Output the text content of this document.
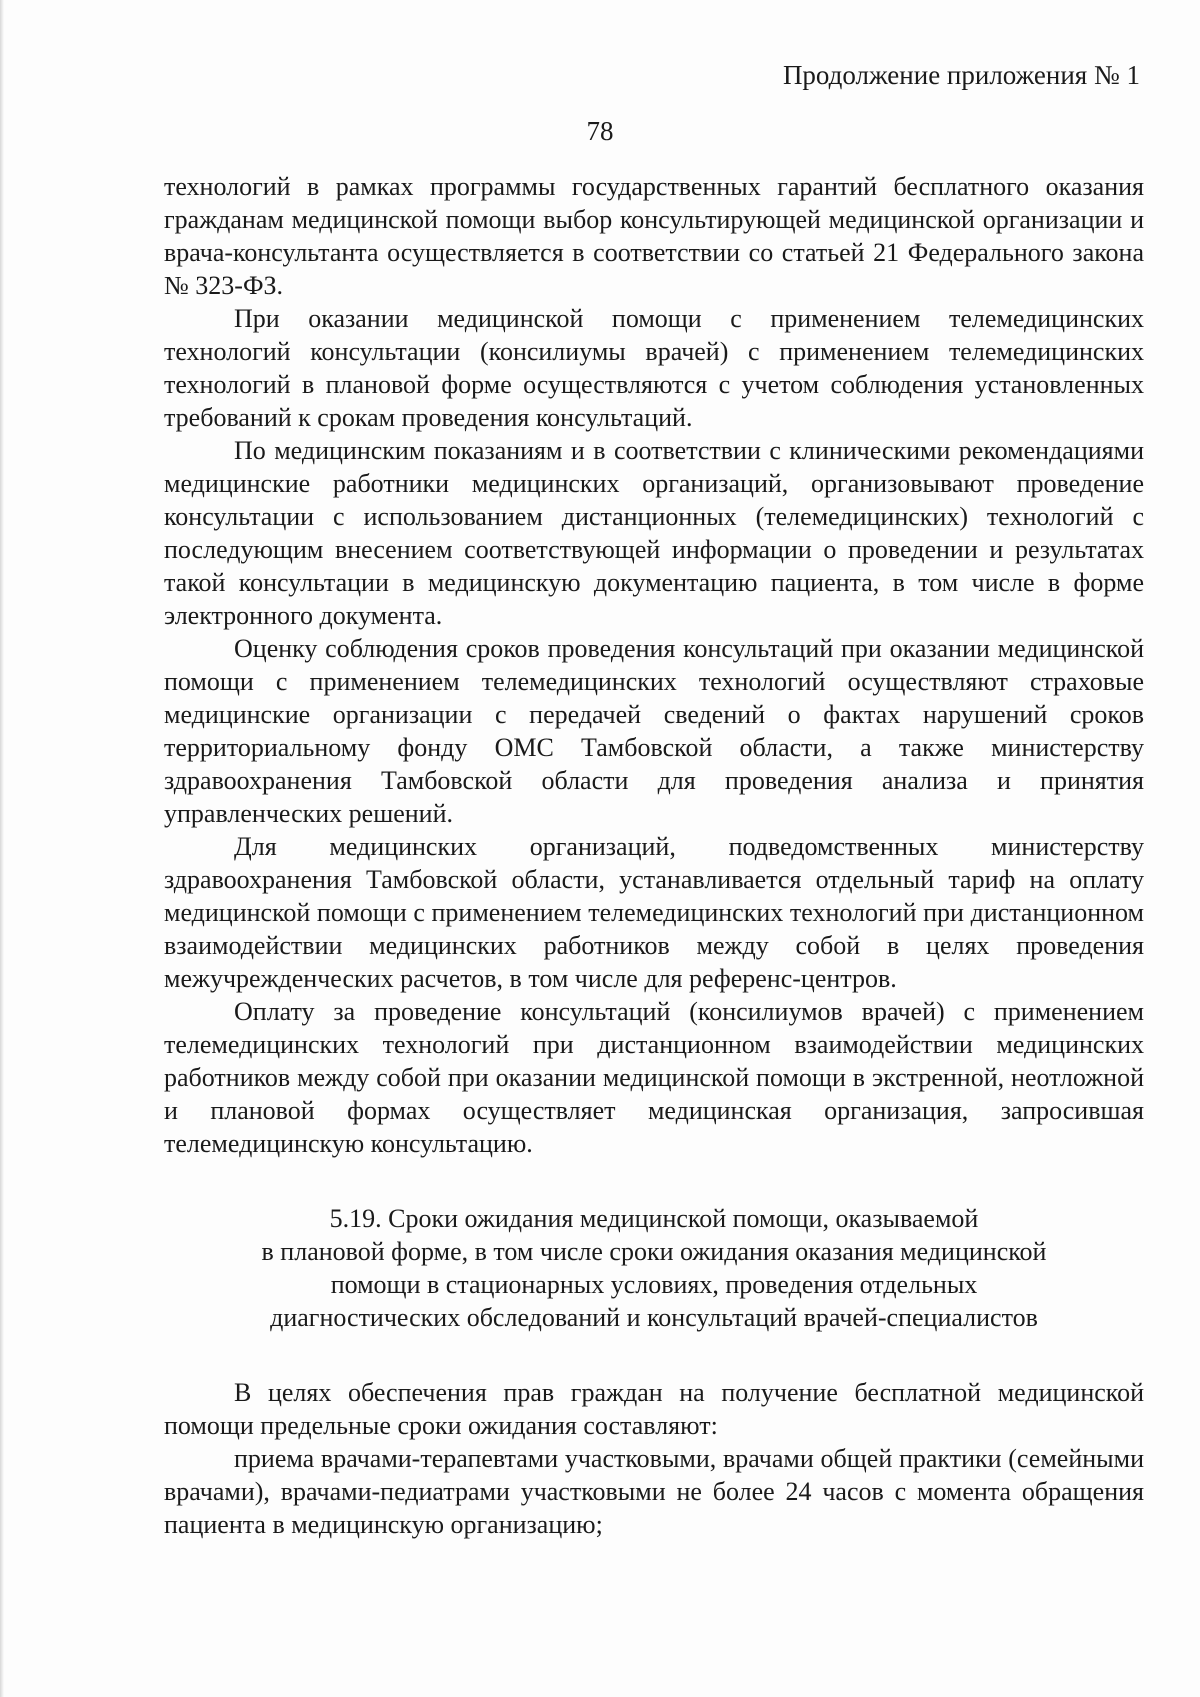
Продолжение приложения № 1

78

технологий в рамках программы государственных гарантий бесплатного оказания гражданам медицинской помощи выбор консультирующей медицинской организации и врача-консультанта осуществляется в соответствии со статьей 21 Федерального закона № 323-ФЗ.

При оказании медицинской помощи с применением телемедицинских технологий консультации (консилиумы врачей) с применением телемедицинских технологий в плановой форме осуществляются с учетом соблюдения установленных требований к срокам проведения консультаций.

По медицинским показаниям и в соответствии с клиническими рекомендациями медицинские работники медицинских организаций, организовывают проведение консультации с использованием дистанционных (телемедицинских) технологий с последующим внесением соответствующей информации о проведении и результатах такой консультации в медицинскую документацию пациента, в том числе в форме электронного документа.

Оценку соблюдения сроков проведения консультаций при оказании медицинской помощи с применением телемедицинских технологий осуществляют страховые медицинские организации с передачей сведений о фактах нарушений сроков территориальному фонду ОМС Тамбовской области, а также министерству здравоохранения Тамбовской области для проведения анализа и принятия управленческих решений.

Для медицинских организаций, подведомственных министерству здравоохранения Тамбовской области, устанавливается отдельный тариф на оплату медицинской помощи с применением телемедицинских технологий при дистанционном взаимодействии медицинских работников между собой в целях проведения межучрежденческих расчетов, в том числе для референс-центров.

Оплату за проведение консультаций (консилиумов врачей) с применением телемедицинских технологий при дистанционном взаимодействии медицинских работников между собой при оказании медицинской помощи в экстренной, неотложной и плановой формах осуществляет медицинская организация, запросившая телемедицинскую консультацию.

5.19. Сроки ожидания медицинской помощи, оказываемой
в плановой форме, в том числе сроки ожидания оказания медицинской
помощи в стационарных условиях, проведения отдельных
диагностических обследований и консультаций врачей-специалистов

В целях обеспечения прав граждан на получение бесплатной медицинской помощи предельные сроки ожидания составляют:

приема врачами-терапевтами участковыми, врачами общей практики (семейными врачами), врачами-педиатрами участковыми не более 24 часов с момента обращения пациента в медицинскую организацию;
